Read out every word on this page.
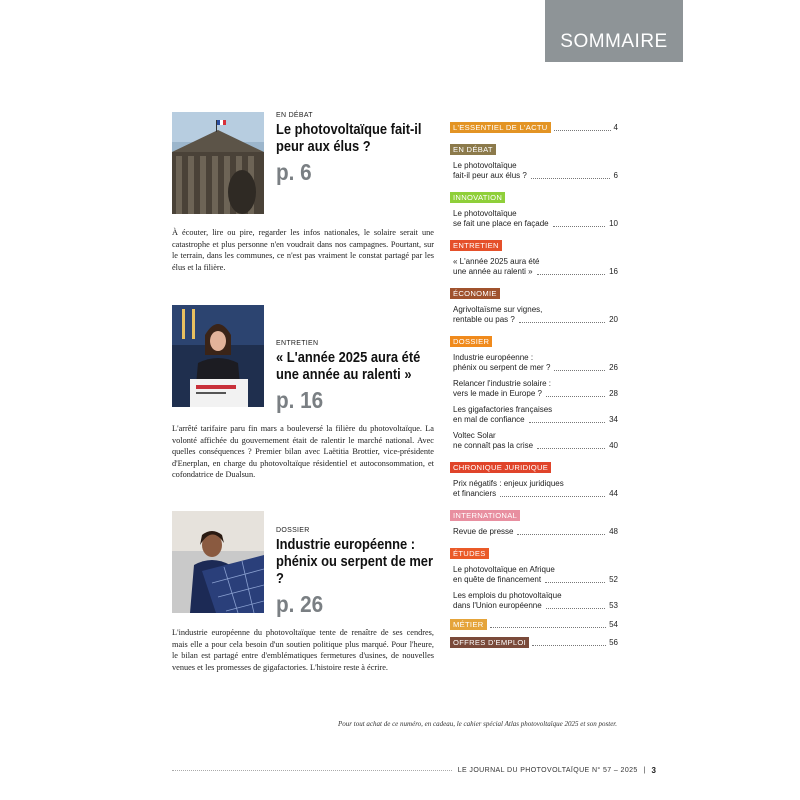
SOMMAIRE
EN DÉBAT
Le photovoltaïque fait-il peur aux élus ?
p. 6
À écouter, lire ou pire, regarder les infos nationales, le solaire serait une catastrophe et plus personne n'en voudrait dans nos campagnes. Pourtant, sur le terrain, dans les communes, ce n'est pas vraiment le constat partagé par les élus et la filière.
ENTRETIEN
« L'année 2025 aura été une année au ralenti »
p. 16
L'arrêté tarifaire paru fin mars a bouleversé la filière du photovoltaïque. La volonté affichée du gouvernement était de ralentir le marché national. Avec quelles conséquences ? Premier bilan avec Laëtitia Brottier, vice-présidente d'Enerplan, en charge du photovoltaïque résidentiel et autoconsommation, et cofondatrice de Dualsun.
DOSSIER
Industrie européenne : phénix ou serpent de mer ?
p. 26
L'industrie européenne du photovoltaïque tente de renaître de ses cendres, mais elle a pour cela besoin d'un soutien politique plus marqué. Pour l'heure, le bilan est partagé entre d'emblématiques fermetures d'usines, de nouvelles venues et les promesses de gigafactories. L'histoire reste à écrire.
L'ESSENTIEL DE L'ACTU	4
EN DÉBAT
Le photovoltaïque
fait-il peur aux élus ?	6
INNOVATION
Le photovoltaïque
se fait une place en façade	10
ENTRETIEN
« L'année 2025 aura été
une année au ralenti »	16
ÉCONOMIE
Agrivoltaïsme sur vignes,
rentable ou pas ?	20
DOSSIER
Industrie européenne :
phénix ou serpent de mer ?	26
Relancer l'industrie solaire :
vers le made in Europe ?	28
Les gigafactories françaises
en mal de confiance	34
Voltec Solar
ne connaît pas la crise	40
CHRONIQUE JURIDIQUE
Prix négatifs : enjeux juridiques
et financiers	44
INTERNATIONAL
Revue de presse	48
ÉTUDES
Le photovoltaïque en Afrique
en quête de financement	52
Les emplois du photovoltaïque
dans l'Union européenne	53
MÉTIER	54
OFFRES D'EMPLOI	56
Pour tout achat de ce numéro, en cadeau, le cahier spécial Atlas photovoltaïque 2025 et son poster.
LE JOURNAL DU PHOTOVOLTAÏQUE N° 57 – 2025 | 3
